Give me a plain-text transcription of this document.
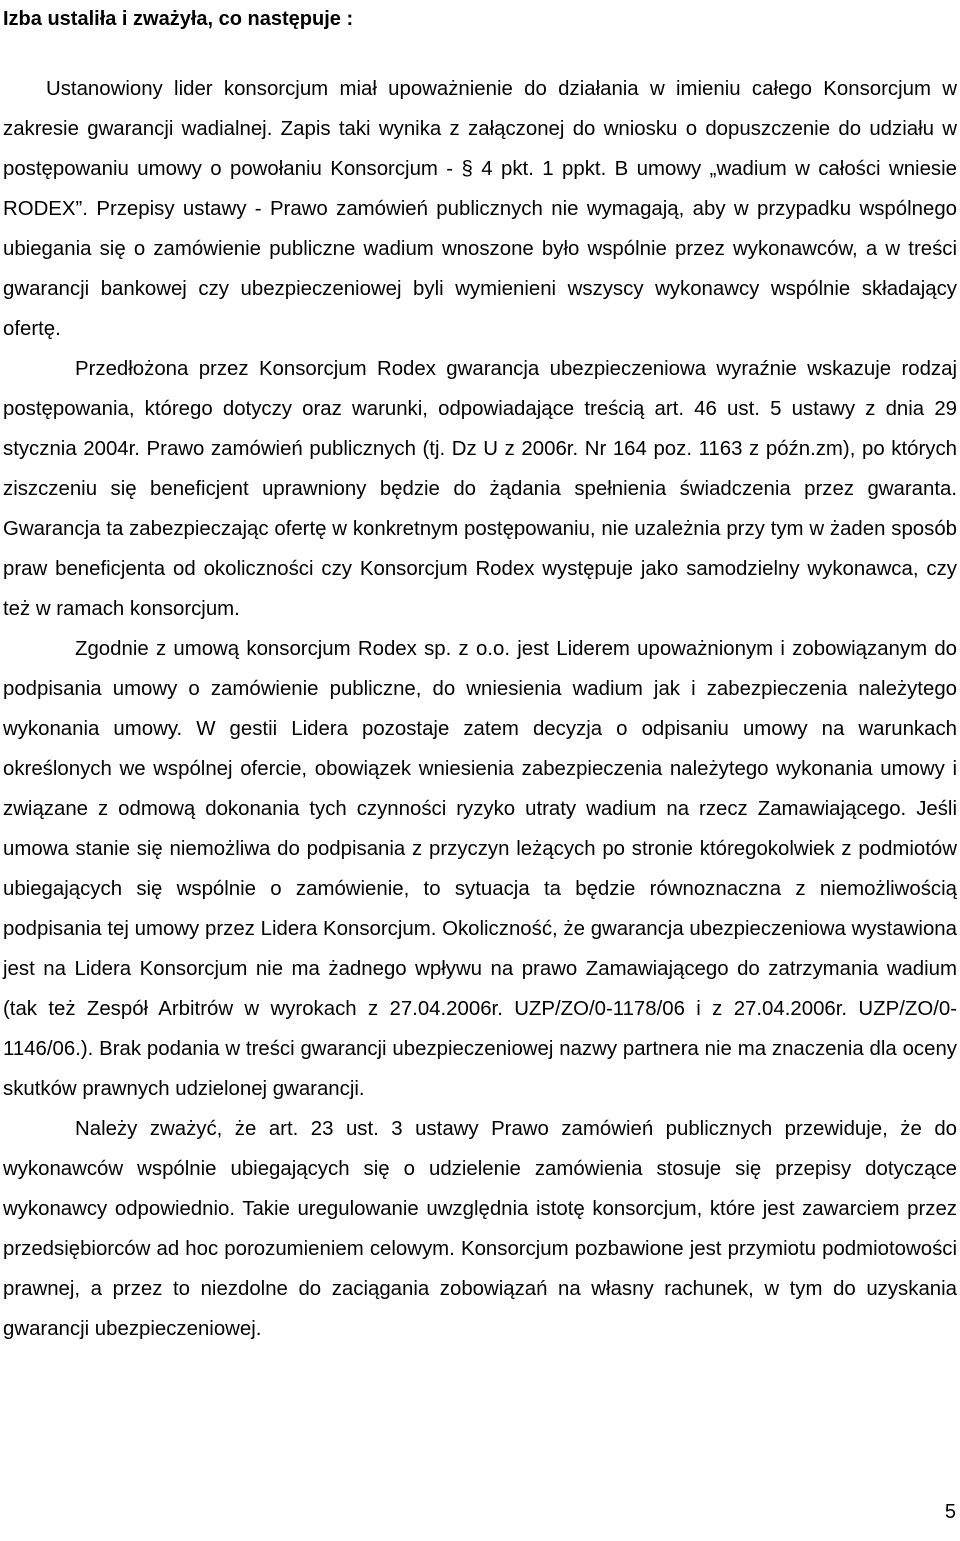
Izba ustaliła i zważyła, co następuje :

Ustanowiony lider konsorcjum miał upoważnienie do działania w imieniu całego Konsorcjum w zakresie gwarancji wadialnej. Zapis taki wynika z załączonej do wniosku o dopuszczenie do udziału w postępowaniu umowy o powołaniu Konsorcjum - § 4 pkt. 1 ppkt. B umowy „wadium w całości wniesie RODEX”. Przepisy ustawy - Prawo zamówień publicznych nie wymagają, aby w przypadku wspólnego ubiegania się o zamówienie publiczne wadium wnoszone było wspólnie przez wykonawców, a w treści gwarancji bankowej czy ubezpieczeniowej byli wymienieni wszyscy wykonawcy wspólnie składający ofertę.

Przedłożona przez Konsorcjum Rodex gwarancja ubezpieczeniowa wyraźnie wskazuje rodzaj postępowania, którego dotyczy oraz warunki, odpowiadające treścią art. 46 ust. 5 ustawy z dnia 29 stycznia 2004r. Prawo zamówień publicznych (tj. Dz U z 2006r. Nr 164 poz. 1163 z późn.zm), po których ziszczeniu się beneficjent uprawniony będzie do żądania spełnienia świadczenia przez gwaranta. Gwarancja ta zabezpieczając ofertę w konkretnym postępowaniu, nie uzależnia przy tym w żaden sposób praw beneficjenta od okoliczności czy Konsorcjum Rodex występuje jako samodzielny wykonawca, czy też w ramach konsorcjum.

Zgodnie z umową konsorcjum Rodex sp. z o.o. jest Liderem upoważnionym i zobowiązanym do podpisania umowy o zamówienie publiczne, do wniesienia wadium jak i zabezpieczenia należytego wykonania umowy. W gestii Lidera pozostaje zatem decyzja o odpisaniu umowy na warunkach określonych we wspólnej ofercie, obowiązek wniesienia zabezpieczenia należytego wykonania umowy i związane z odmową dokonania tych czynności ryzyko utraty wadium na rzecz Zamawiającego. Jeśli umowa stanie się niemożliwa do podpisania z przyczyn leżących po stronie któregokolwiek z podmiotów ubiegających się wspólnie o zamówienie, to sytuacja ta będzie równoznaczna z niemożliwością podpisania tej umowy przez Lidera Konsorcjum. Okoliczność, że gwarancja ubezpieczeniowa wystawiona jest na Lidera Konsorcjum nie ma żadnego wpływu na prawo Zamawiającego do zatrzymania wadium (tak też Zespół Arbitrów w wyrokach z 27.04.2006r. UZP/ZO/0-1178/06 i z 27.04.2006r. UZP/ZO/0-1146/06.). Brak podania w treści gwarancji ubezpieczeniowej nazwy partnera nie ma znaczenia dla oceny skutków prawnych udzielonej gwarancji.

Należy zważyć, że art. 23 ust. 3 ustawy Prawo zamówień publicznych przewiduje, że do wykonawców wspólnie ubiegających się o udzielenie zamówienia stosuje się przepisy dotyczące wykonawcy odpowiednio. Takie uregulowanie uwzględnia istotę konsorcjum, które jest zawarciem przez przedsiębiorców ad hoc porozumieniem celowym. Konsorcjum pozbawione jest przymiotu podmiotowości prawnej, a przez to niezdolne do zaciągania zobowiązań na własny rachunek, w tym do uzyskania gwarancji ubezpieczeniowej.

5
